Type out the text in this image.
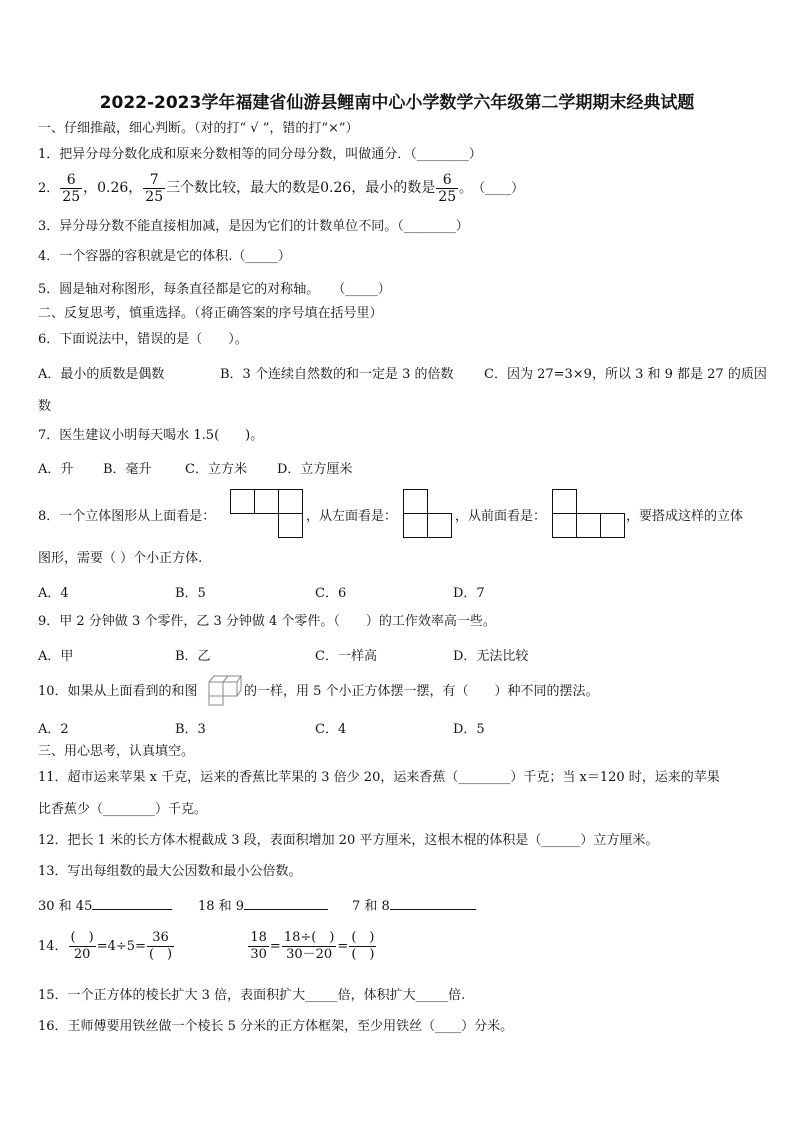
2022-2023学年福建省仙游县鲤南中心小学数学六年级第二学期期末经典试题
一、仔细推敲，细心判断。（对的打“ √ ”，错的打“×”）
1．把异分母分数化成和原来分数相等的同分母分数，叫做通分．（________）
2． $\frac{6}{25}$ ，0.26， $\frac{7}{25}$ 三个数比较，最大的数是0.26，最小的数是 $\frac{6}{25}$ 。　（____）
3．异分母分数不能直接相加减，是因为它们的计数单位不同。（________）
4．一个容器的容积就是它的体积.（_____）
5．圆是轴对称图形，每条直径都是它的对称轴。　　（_____）
二、反复思考，慎重选择。（将正确答案的序号填在括号里）
6．下面说法中，错误的是（　　）。
A．最小的质数是偶数	B．3 个连续自然数的和一定是 3 的倍数 C．因为 27=3×9，所以 3 和 9 都是 27 的质因
数
7．医生建议小明每天喝水 1.5(　　)。
A．升 B．毫升	C．立方米 D．立方厘米
8．一个立体图形从上面看是：	，从左面看是：	，从前面看是：	，要搭成这样的立体
图形，需要（ ）个小正方体.
A．4	B．5	C．6	D．7
9．甲 2 分钟做 3 个零件，乙 3 分钟做 4 个零件。（　　）的工作效率高一些。
A．甲	B．乙	C．一样高	D．无法比较
10．如果从上面看到的和图	的一样，用 5 个小正方体摆一摆，有（　　）种不同的摆法。
A．2	B．3	C．4	D．5
三、用心思考，认真填空。
11．超市运来苹果 x 千克，运来的香蕉比苹果的 3 倍少 20，运来香蕉（________）千克；当 x＝120 时，运来的苹果
比香蕉少（________）千克。
12．把长 1 米的长方体木棍截成 3 段，表面积增加 20 平方厘米，这根木棍的体积是（______）立方厘米。
13．写出每组数的最大公因数和最小公倍数。
30 和 45	18 和 9	7 和 8
14． $\frac{( )}{20} =4\div 5= \frac{36}{( )}$
	$\frac{18}{30} = \frac{18\div( )}{30-20} = \frac{( )}{( )}$
15．一个正方体的棱长扩大 3 倍，表面积扩大_____倍，体积扩大_____倍.
16．王师傅要用铁丝做一个棱长 5 分米的正方体框架，至少用铁丝（____）分米。
